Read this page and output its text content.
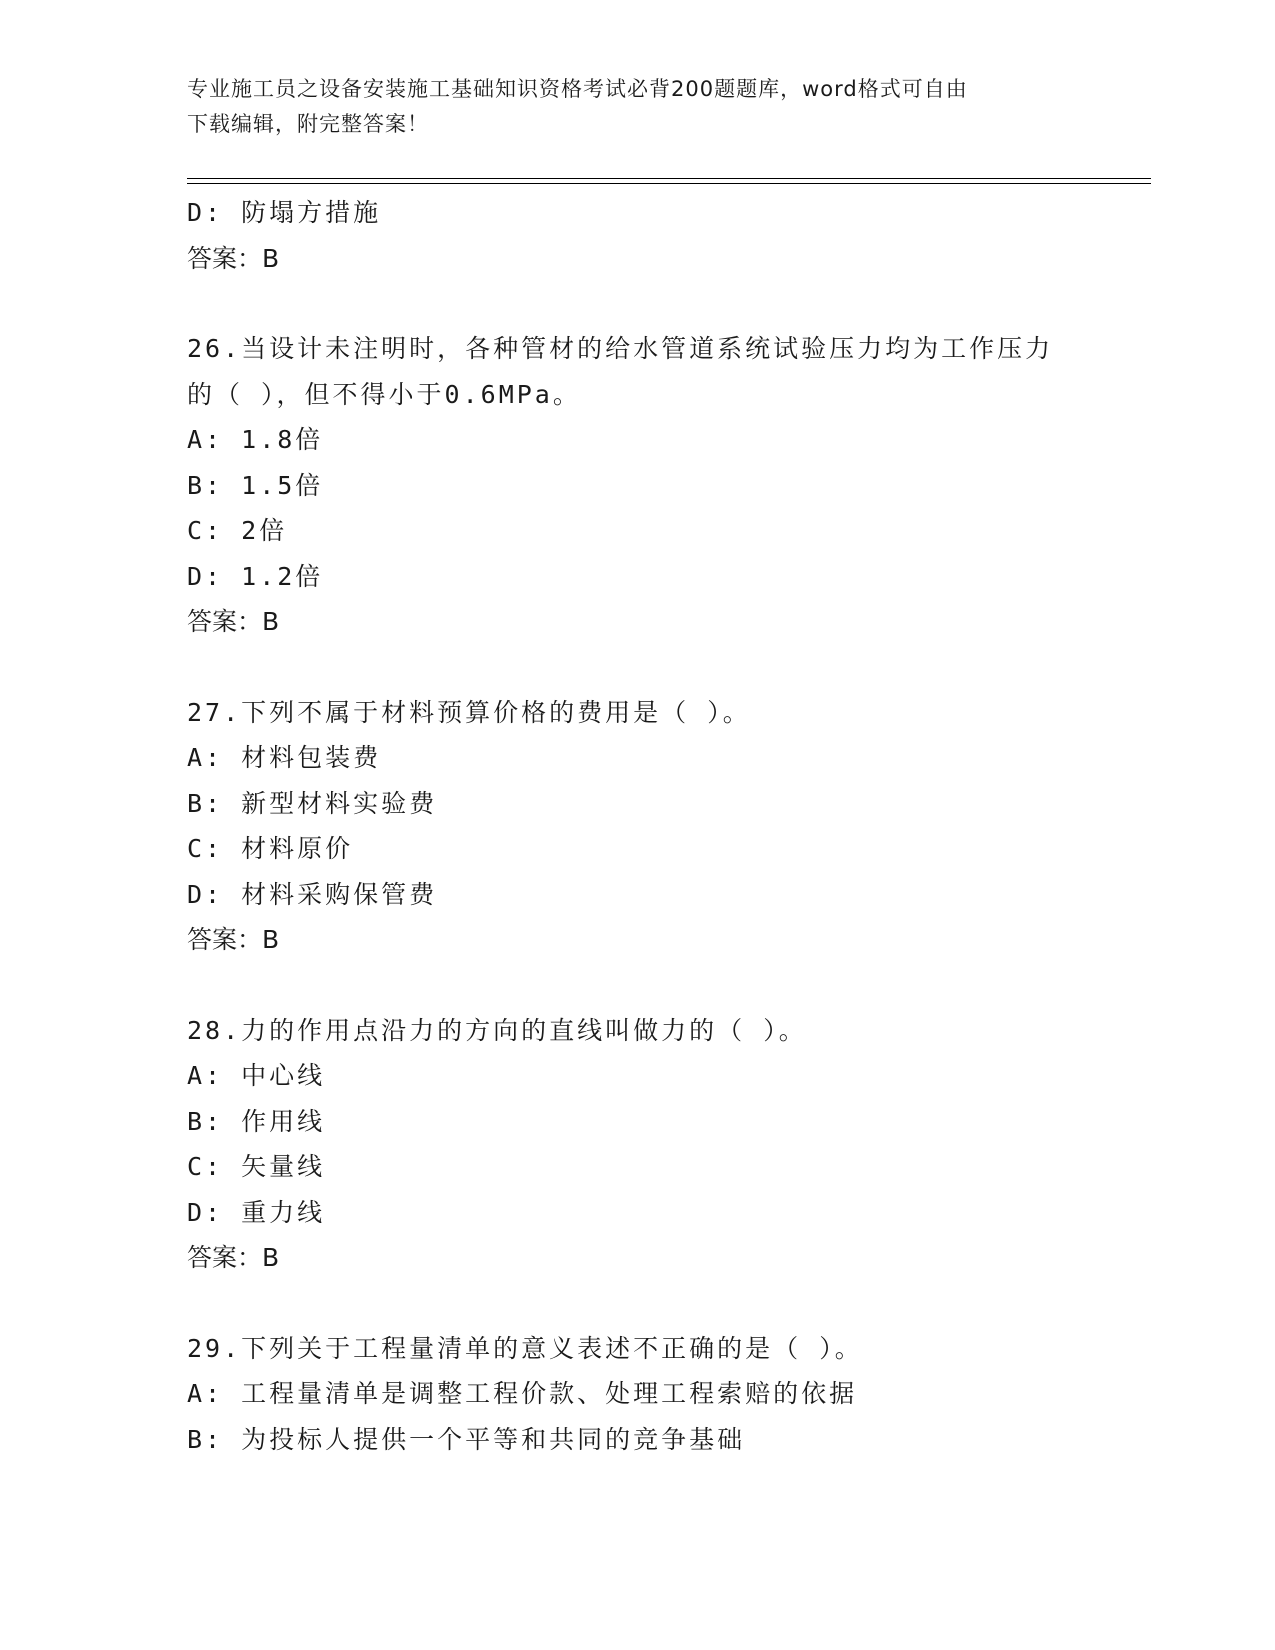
专业施工员之设备安装施工基础知识资格考试必背200题题库，word格式可自由
下载编辑，附完整答案！
D: 防塌方措施
答案：B
26.当设计未注明时，各种管材的给水管道系统试验压力均为工作压力
的（ ），但不得小于0.6MPa。
A: 1.8倍
B: 1.5倍
C: 2倍
D: 1.2倍
答案：B
27.下列不属于材料预算价格的费用是（ ）。
A: 材料包装费
B: 新型材料实验费
C: 材料原价
D: 材料采购保管费
答案：B
28.力的作用点沿力的方向的直线叫做力的（ ）。
A: 中心线
B: 作用线
C: 矢量线
D: 重力线
答案：B
29.下列关于工程量清单的意义表述不正确的是（ ）。
A: 工程量清单是调整工程价款、处理工程索赔的依据
B: 为投标人提供一个平等和共同的竞争基础
